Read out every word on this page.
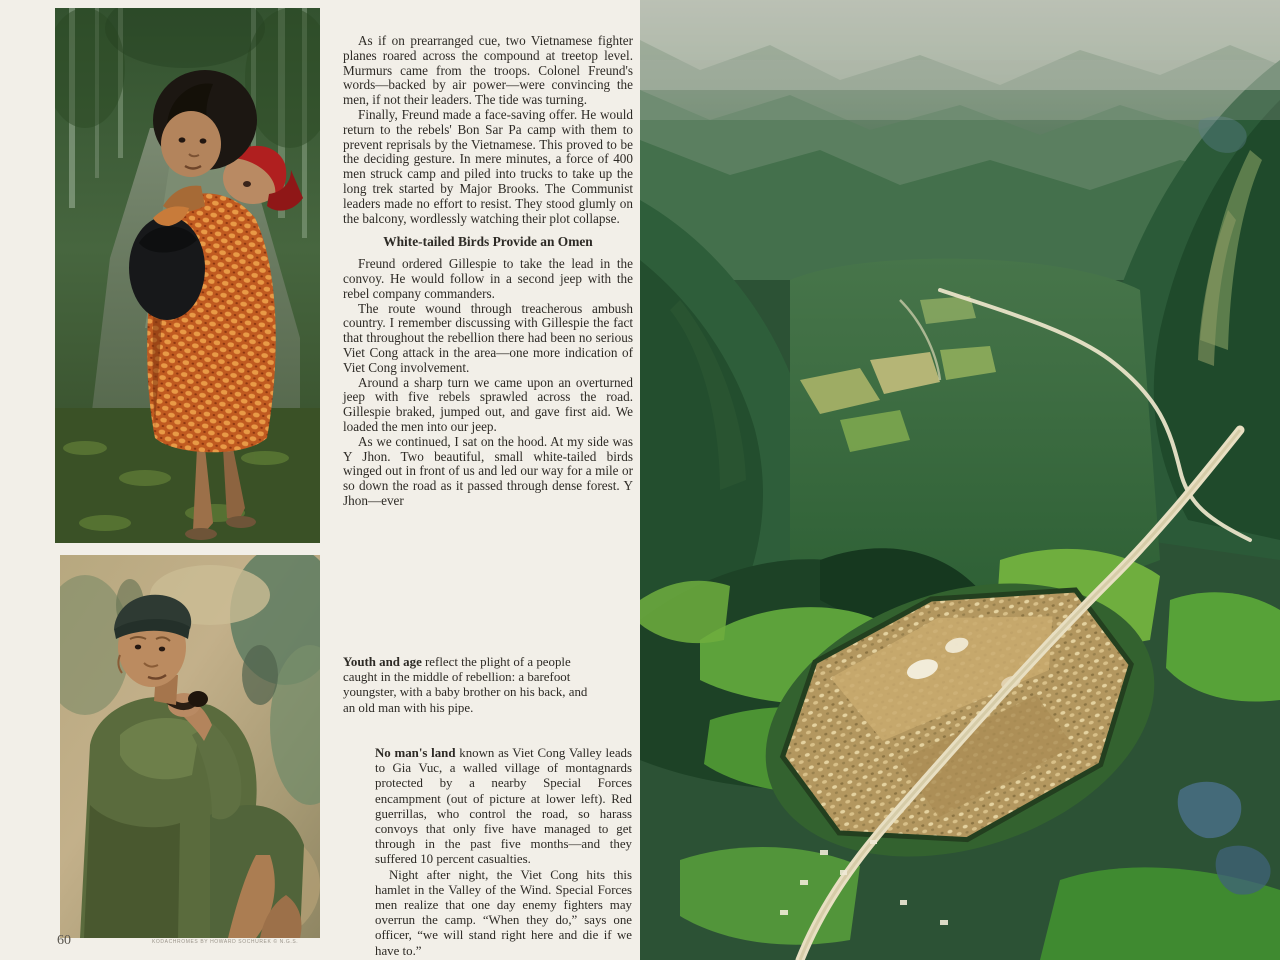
60	KODACHROMES BY HOWARD SOCHUREK © N.G.S.

As if on prearranged cue, two Vietnamese fighter planes roared across the compound at treetop level. Murmurs came from the troops. Colonel Freund's words—backed by air power—were convincing the men, if not their leaders. The tide was turning.

Finally, Freund made a face-saving offer. He would return to the rebels' Bon Sar Pa camp with them to prevent reprisals by the Vietnamese. This proved to be the deciding gesture. In mere minutes, a force of 400 men struck camp and piled into trucks to take up the long trek started by Major Brooks. The Communist leaders made no effort to resist. They stood glumly on the balcony, wordlessly watching their plot collapse.

White-tailed Birds Provide an Omen

Freund ordered Gillespie to take the lead in the convoy. He would follow in a second jeep with the rebel company commanders.

The route wound through treacherous ambush country. I remember discussing with Gillespie the fact that throughout the rebellion there had been no serious Viet Cong attack in the area—one more indication of Viet Cong involvement.

Around a sharp turn we came upon an overturned jeep with five rebels sprawled across the road. Gillespie braked, jumped out, and gave first aid. We loaded the men into our jeep.

As we continued, I sat on the hood. At my side was Y Jhon. Two beautiful, small white-tailed birds winged out in front of us and led our way for a mile or so down the road as it passed through dense forest. Y Jhon—ever

Youth and age reflect the plight of a people caught in the middle of rebellion: a barefoot youngster, with a baby brother on his back, and an old man with his pipe.

No man's land known as Viet Cong Valley leads to Gia Vuc, a walled village of montagnards protected by a nearby Special Forces encampment (out of picture at lower left). Red guerrillas, who control the road, so harass convoys that only five have managed to get through in the past five months—and they suffered 10 percent casualties.

Night after night, the Viet Cong hits this hamlet in the Valley of the Wind. Special Forces men realize that one day enemy fighters may overrun the camp. “When they do,” says one officer, “we will stand right here and die if we have to.”
